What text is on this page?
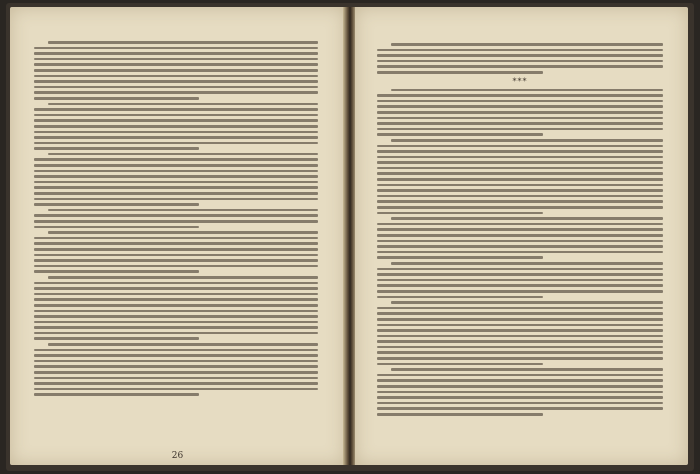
26
***
